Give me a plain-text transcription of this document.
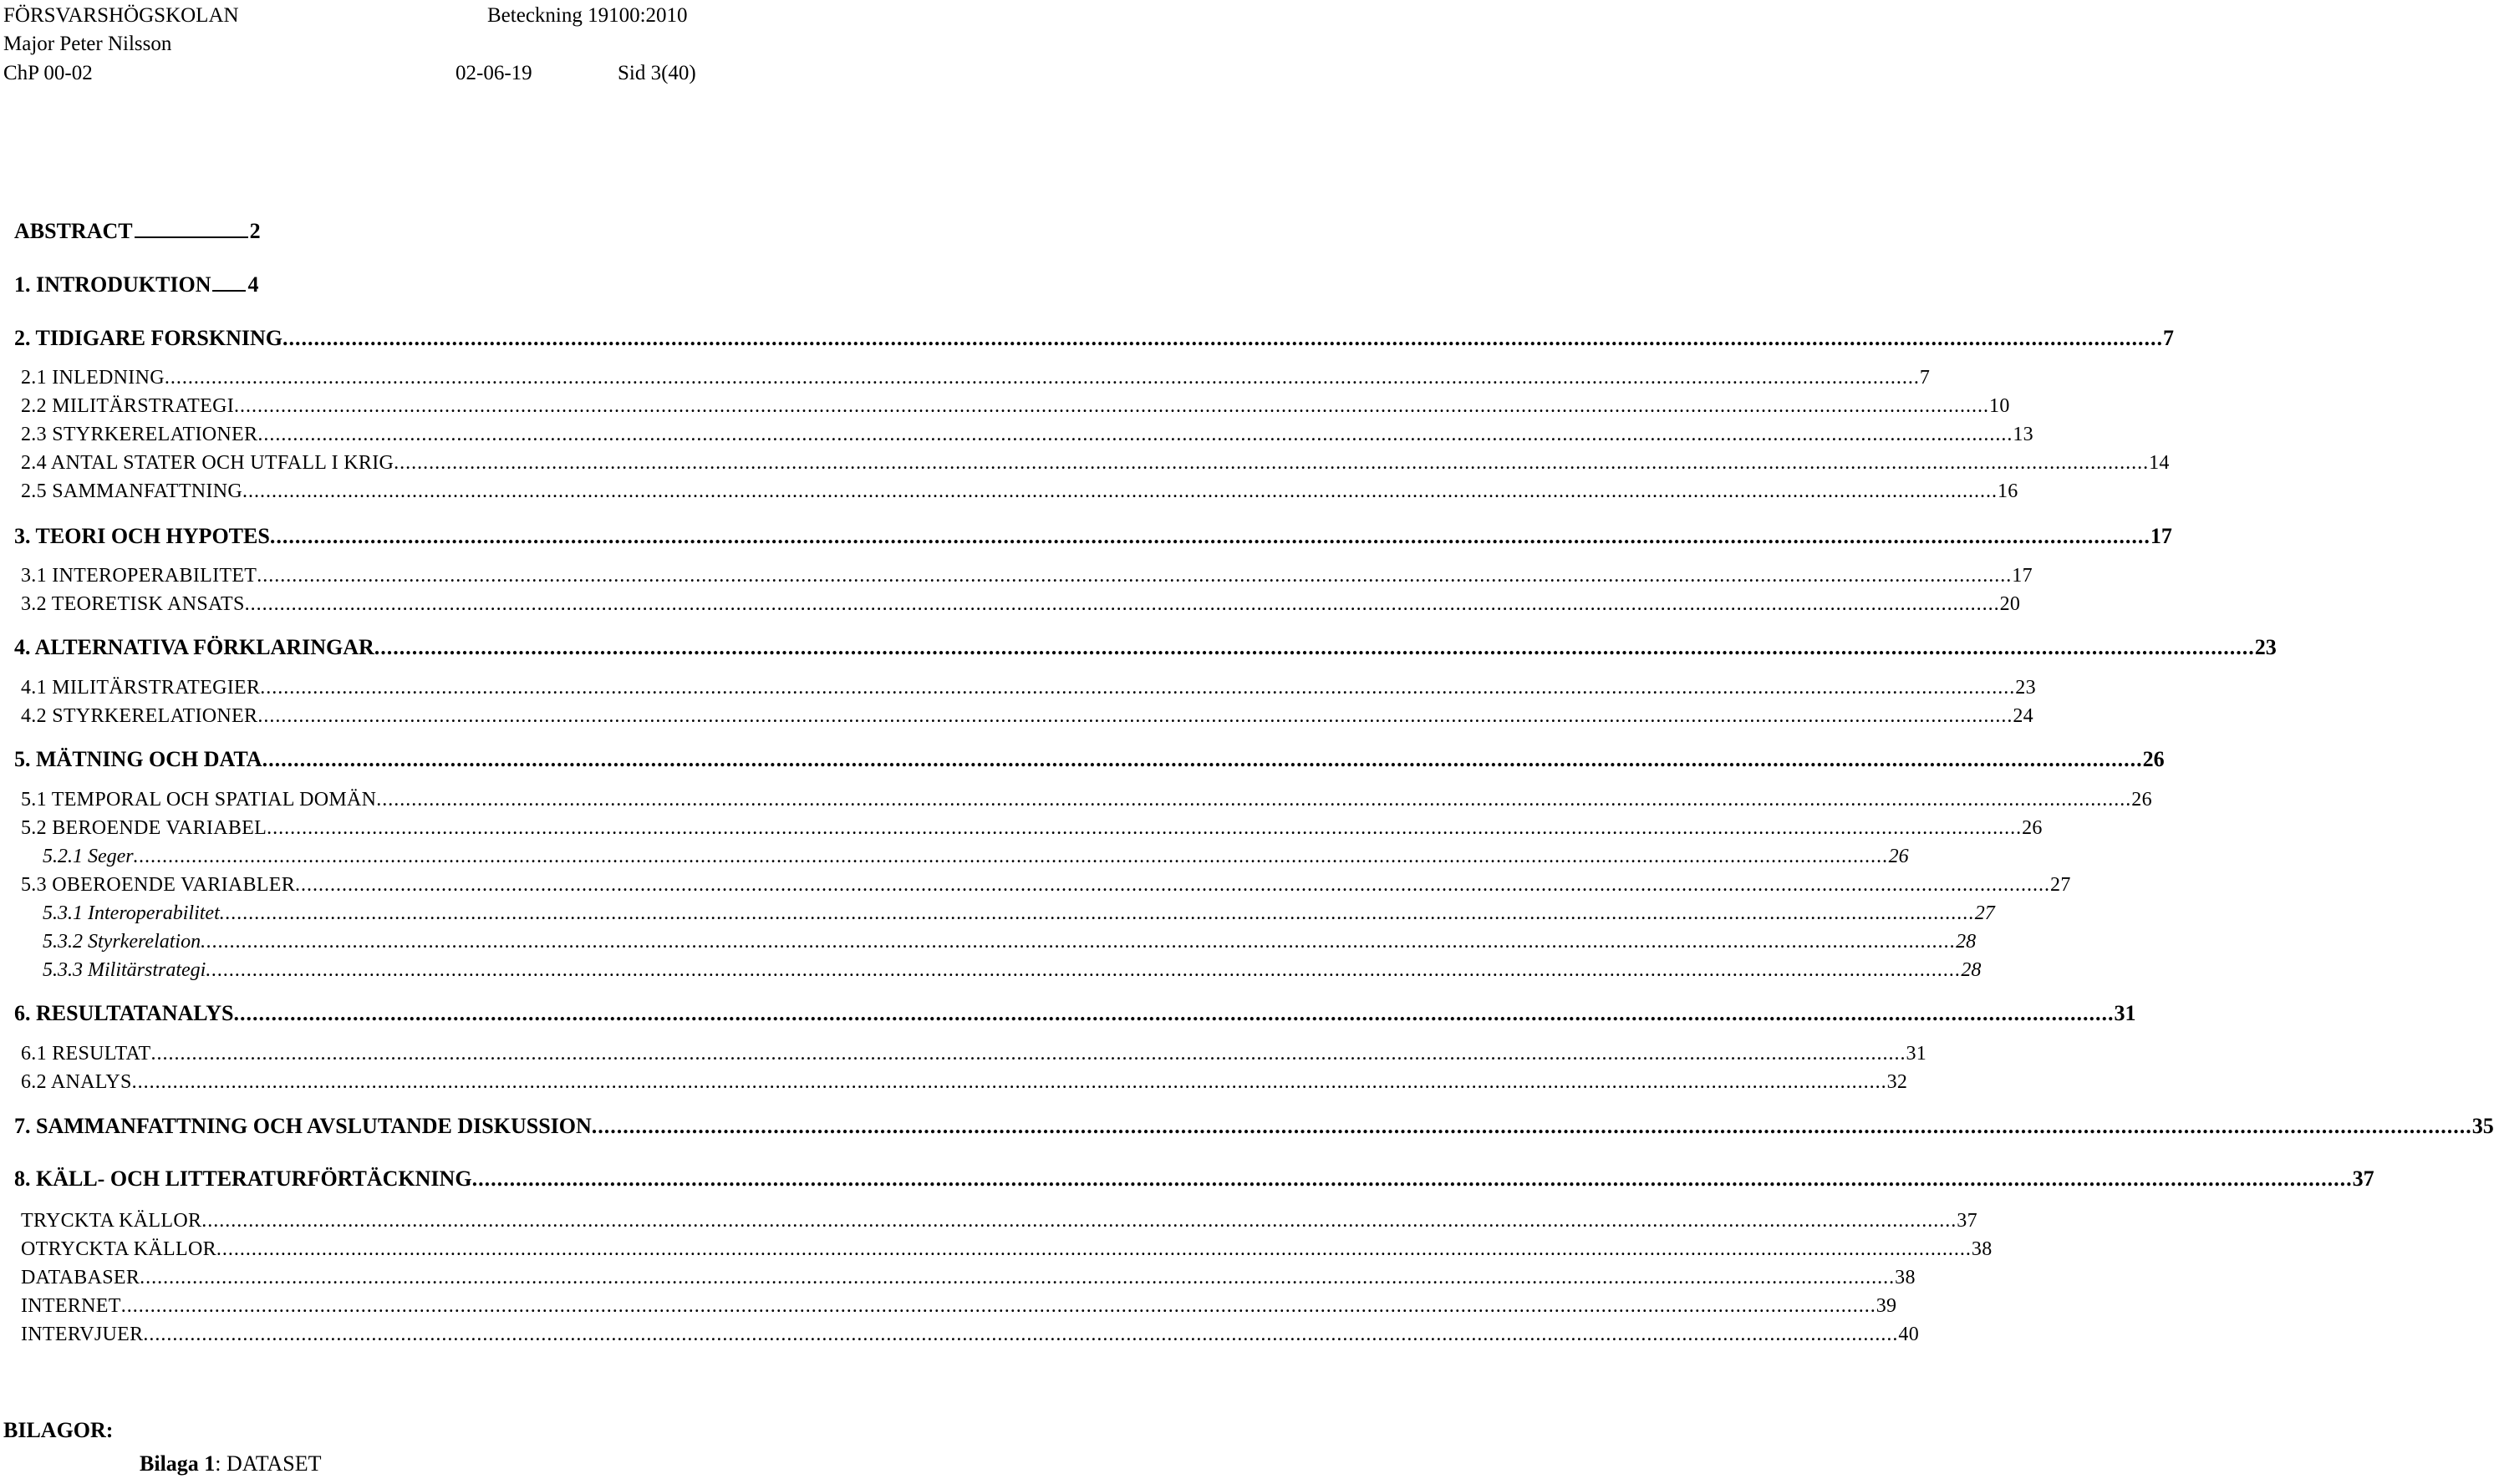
FÖRSVARSHÖGSKOLAN	Beteckning 19100:2010
Major Peter Nilsson
ChP 00-02	02-06-19	Sid 3(40)
ABSTRACT	2
1. INTRODUKTION 4
2. TIDIGARE FORSKNING ............................................................................................................................................................................................................................................................................................................ 7
2.1 INLEDNING ............................................................................................................................................................................................................................................................................................................ 7
2.2 MILITÄRSTRATEGI ............................................................................................................................................................................................................................................................................................................ 10
2.3 STYRKERELATIONER ............................................................................................................................................................................................................................................................................................................ 13
2.4 ANTAL STATER OCH UTFALL I KRIG ............................................................................................................................................................................................................................................................................................................ 14
2.5 SAMMANFATTNING ............................................................................................................................................................................................................................................................................................................ 16
3. TEORI OCH HYPOTES ............................................................................................................................................................................................................................................................................................................ 17
3.1 INTEROPERABILITET ............................................................................................................................................................................................................................................................................................................ 17
3.2 TEORETISK ANSATS ............................................................................................................................................................................................................................................................................................................ 20
4. ALTERNATIVA FÖRKLARINGAR ............................................................................................................................................................................................................................................................................................................ 23
4.1 MILITÄRSTRATEGIER ............................................................................................................................................................................................................................................................................................................ 23
4.2 STYRKERELATIONER ............................................................................................................................................................................................................................................................................................................ 24
5. MÄTNING OCH DATA ............................................................................................................................................................................................................................................................................................................ 26
5.1 TEMPORAL OCH SPATIAL DOMÄN ............................................................................................................................................................................................................................................................................................................ 26
5.2 BEROENDE VARIABEL ............................................................................................................................................................................................................................................................................................................ 26
5.2.1 Seger ............................................................................................................................................................................................................................................................................................................ 26
5.3 OBEROENDE VARIABLER ............................................................................................................................................................................................................................................................................................................ 27
5.3.1 Interoperabilitet ............................................................................................................................................................................................................................................................................................................ 27
5.3.2 Styrkerelation ............................................................................................................................................................................................................................................................................................................ 28
5.3.3 Militärstrategi ............................................................................................................................................................................................................................................................................................................ 28
6. RESULTATANALYS ............................................................................................................................................................................................................................................................................................................ 31
6.1 RESULTAT ............................................................................................................................................................................................................................................................................................................ 31
6.2 ANALYS ............................................................................................................................................................................................................................................................................................................ 32
7. SAMMANFATTNING OCH AVSLUTANDE DISKUSSION ............................................................................................................................................................................................................................................................................................................ 35
8. KÄLL- OCH LITTERATURFÖRTÄCKNING ............................................................................................................................................................................................................................................................................................................ 37
TRYCKTA KÄLLOR ............................................................................................................................................................................................................................................................................................................ 37
OTRYCKTA KÄLLOR ............................................................................................................................................................................................................................................................................................................ 38
DATABASER ............................................................................................................................................................................................................................................................................................................ 38
INTERNET ............................................................................................................................................................................................................................................................................................................ 39
INTERVJUER ............................................................................................................................................................................................................................................................................................................ 40
BILAGOR:
Bilaga 1: DATASET
